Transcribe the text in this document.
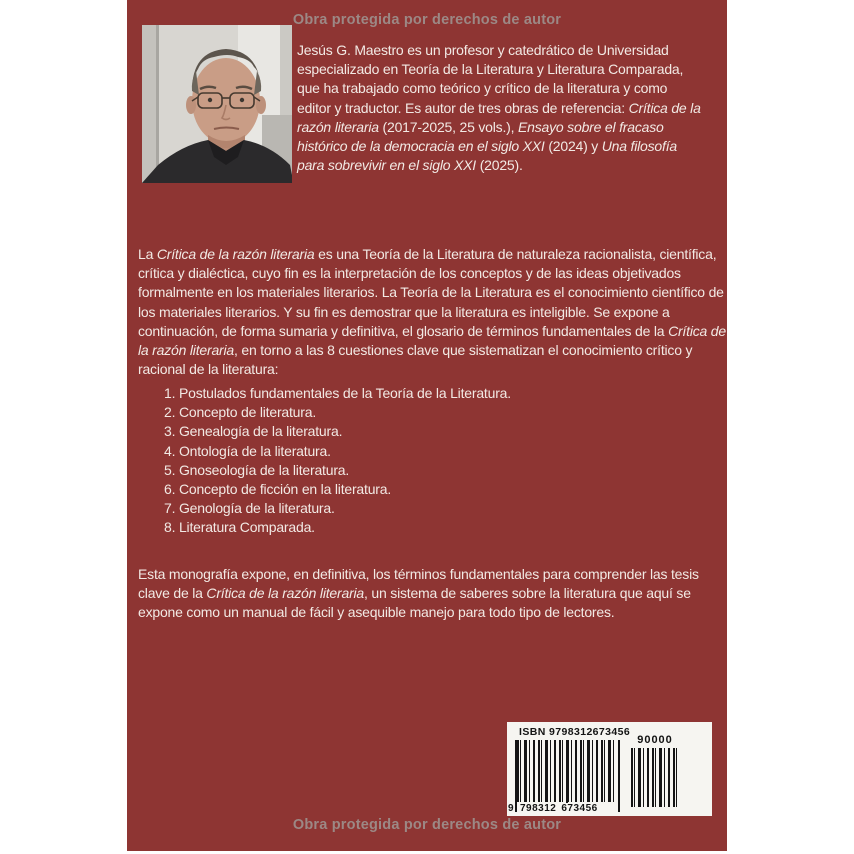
Obra protegida por derechos de autor

Jesús G. Maestro es un profesor y catedrático de Universidad especializado en Teoría de la Literatura y Literatura Comparada, que ha trabajado como teórico y crítico de la literatura y como editor y traductor. Es autor de tres obras de referencia: Crítica de la razón literaria (2017-2025, 25 vols.), Ensayo sobre el fracaso histórico de la democracia en el siglo XXI (2024) y Una filosofía para sobrevivir en el siglo XXI (2025).

La Crítica de la razón literaria es una Teoría de la Literatura de naturaleza racionalista, científica, crítica y dialéctica, cuyo fin es la interpretación de los conceptos y de las ideas objetivados formalmente en los materiales literarios. La Teoría de la Literatura es el conocimiento científico de los materiales literarios. Y su fin es demostrar que la literatura es inteligible. Se expone a continuación, de forma sumaria y definitiva, el glosario de términos fundamentales de la Crítica de la razón literaria, en torno a las 8 cuestiones clave que sistematizan el conocimiento crítico y racional de la literatura:

1. Postulados fundamentales de la Teoría de la Literatura.
2. Concepto de literatura.
3. Genealogía de la literatura.
4. Ontología de la literatura.
5. Gnoseología de la literatura.
6. Concepto de ficción en la literatura.
7. Genología de la literatura.
8. Literatura Comparada.

Esta monografía expone, en definitiva, los términos fundamentales para comprender las tesis clave de la Crítica de la razón literaria, un sistema de saberes sobre la literatura que aquí se expone como un manual de fácil y asequible manejo para todo tipo de lectores.

ISBN 9798312673456
9 798312 673456
90000
Obra protegida por derechos de autor
